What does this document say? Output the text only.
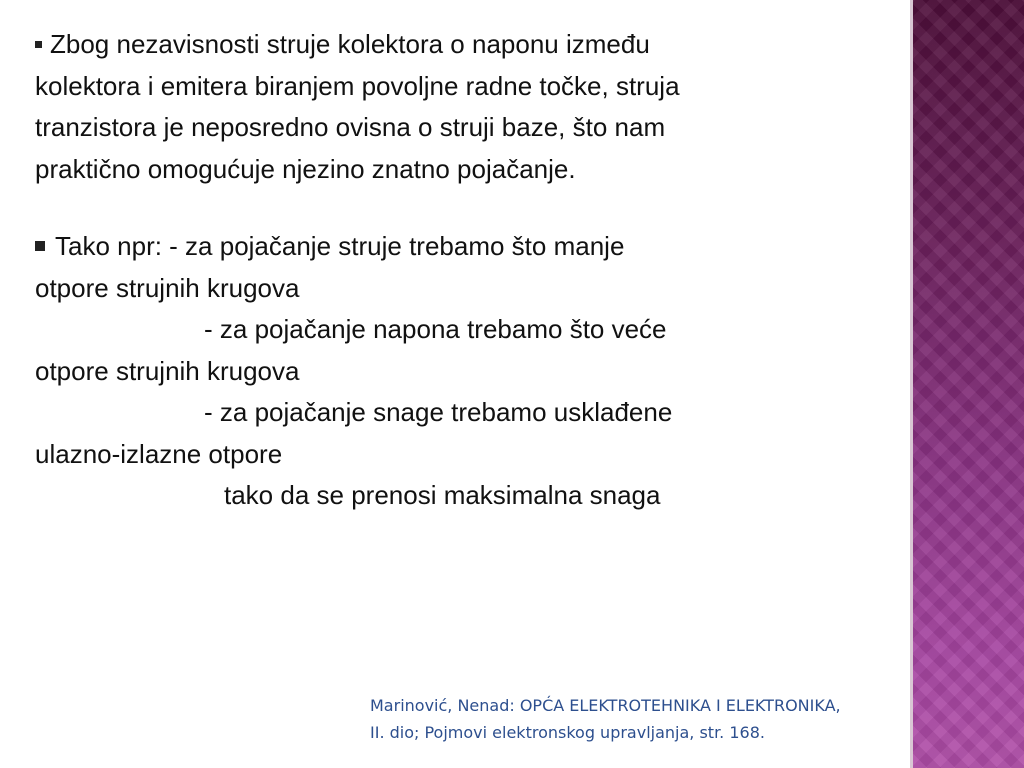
Zbog nezavisnosti struje kolektora o naponu između
kolektora i emitera biranjem povoljne radne točke, struja
tranzistora je neposredno ovisna o struji baze, što nam
praktično omogućuje njezino znatno pojačanje.

Tako npr: - za pojačanje struje trebamo što manje
otpore strujnih krugova
- za pojačanje napona trebamo što veće
otpore strujnih krugova
- za pojačanje snage trebamo usklađene
ulazno-izlazne otpore
tako da se prenosi maksimalna snaga

Marinović, Nenad: OPĆA ELEKTROTEHNIKA I ELEKTRONIKA,
II. dio; Pojmovi elektronskog upravljanja, str. 168.
